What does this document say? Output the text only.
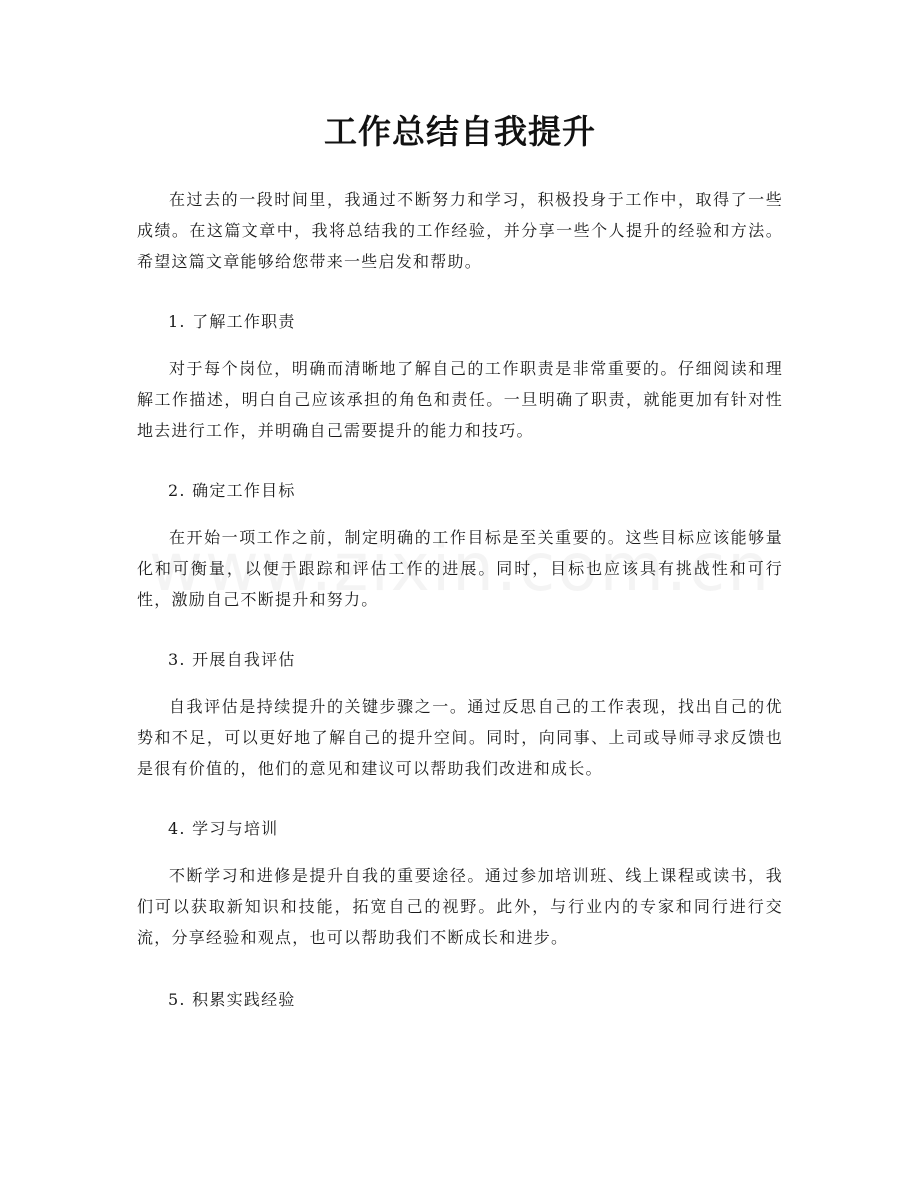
工作总结自我提升

在过去的一段时间里，我通过不断努力和学习，积极投身于工作中，取得了一些成绩。在这篇文章中，我将总结我的工作经验，并分享一些个人提升的经验和方法。希望这篇文章能够给您带来一些启发和帮助。

1. 了解工作职责

对于每个岗位，明确而清晰地了解自己的工作职责是非常重要的。仔细阅读和理解工作描述，明白自己应该承担的角色和责任。一旦明确了职责，就能更加有针对性地去进行工作，并明确自己需要提升的能力和技巧。

2. 确定工作目标

在开始一项工作之前，制定明确的工作目标是至关重要的。这些目标应该能够量化和可衡量，以便于跟踪和评估工作的进展。同时，目标也应该具有挑战性和可行性，激励自己不断提升和努力。

3. 开展自我评估

自我评估是持续提升的关键步骤之一。通过反思自己的工作表现，找出自己的优势和不足，可以更好地了解自己的提升空间。同时，向同事、上司或导师寻求反馈也是很有价值的，他们的意见和建议可以帮助我们改进和成长。

4. 学习与培训

不断学习和进修是提升自我的重要途径。通过参加培训班、线上课程或读书，我们可以获取新知识和技能，拓宽自己的视野。此外，与行业内的专家和同行进行交流，分享经验和观点，也可以帮助我们不断成长和进步。

5. 积累实践经验
